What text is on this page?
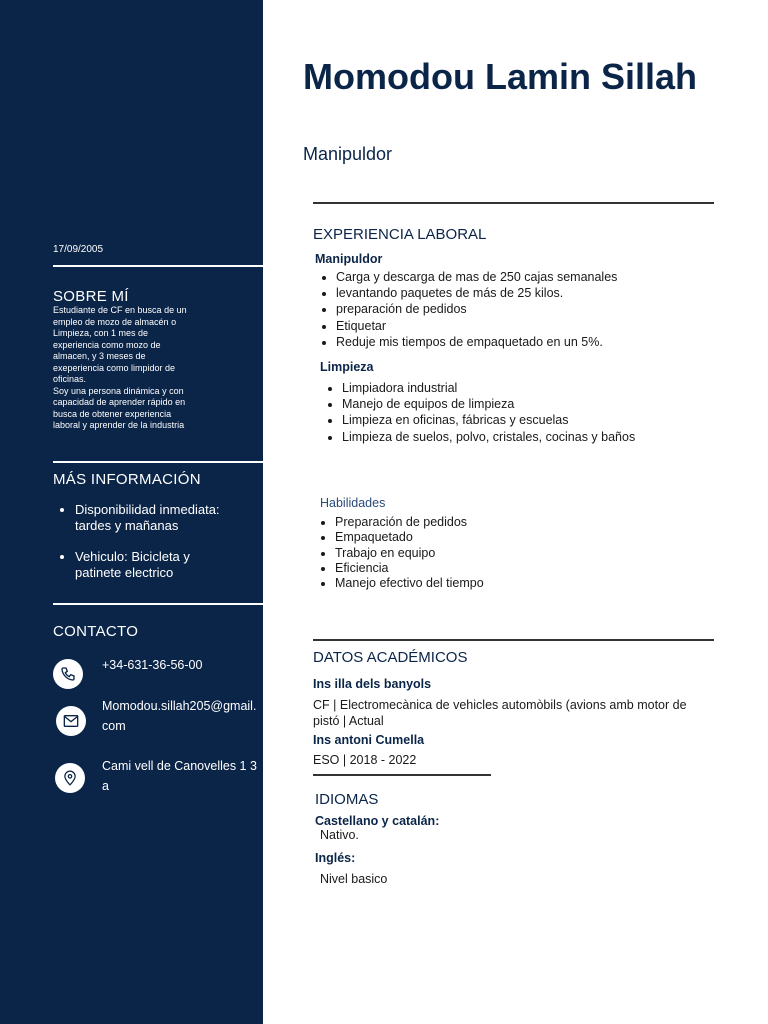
17/09/2005
SOBRE MÍ
Estudiante de CF en busca de un empleo de mozo de almacén o Limpieza, con 1 mes de experiencia como mozo de almacen, y 3 meses de exeperiencia como limpidor de oficinas.
Soy una persona dinámica y con capacidad de aprender rápido en busca de obtener experiencia laboral y aprender de la industria
MÁS INFORMACIÓN
• Disponibilidad inmediata: tardes y mañanas
• Vehiculo: Bicicleta y patinete electrico
CONTACTO
+34-631-36-56-00
Momodou.sillah205@gmail.com
Cami vell de Canovelles 1 3 a
Momodou Lamin Sillah
Manipuldor
EXPERIENCIA LABORAL
Manipuldor
• Carga y descarga de mas de 250 cajas semanales
• levantando paquetes de más de 25 kilos.
• preparación de pedidos
• Etiquetar
• Reduje mis tiempos de empaquetado en un 5%.
Limpieza
• Limpiadora industrial
• Manejo de equipos de limpieza
• Limpieza en oficinas, fábricas y escuelas
• Limpieza de suelos, polvo, cristales, cocinas y baños
Habilidades
• Preparación de pedidos
• Empaquetado
• Trabajo en equipo
• Eficiencia
• Manejo efectivo del tiempo
DATOS ACADÉMICOS
Ins illa dels banyols
CF | Electromecànica de vehicles automòbils (avions amb motor de pistó | Actual
Ins antoni Cumella
ESO | 2018 - 2022
IDIOMAS
Castellano y catalán:
Nativo.
Inglés:
Nivel basico
